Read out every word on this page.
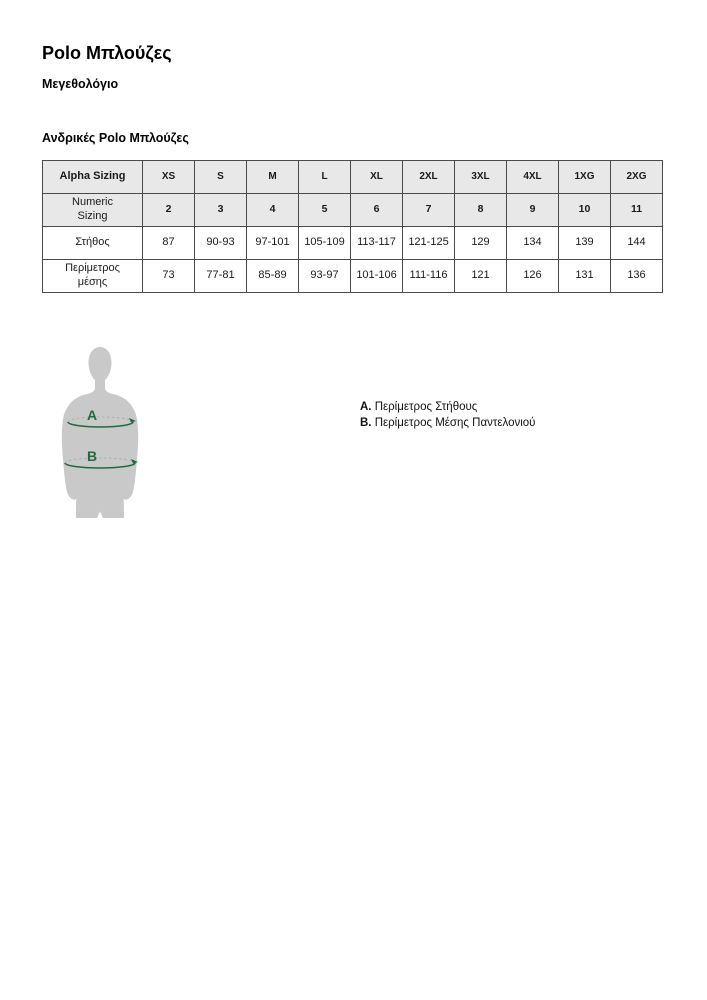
Polo Μπλούζες
Μεγεθολόγιο
Ανδρικές Polo Μπλούζες
Alpha Sizing	XS	S	M	L	XL	2XL	3XL	4XL	1XG	2XG
Numeric Sizing	2	3	4	5	6	7	8	9	10	11
Στήθος	87	90-93	97-101	105-109	113-117	121-125	129	134	139	144
Περίμετρος μέσης	73	77-81	85-89	93-97	101-106	111-116	121	126	131	136
A
B
Α. Περίμετρος Στήθους
Β. Περίμετρος Μέσης Παντελονιού
